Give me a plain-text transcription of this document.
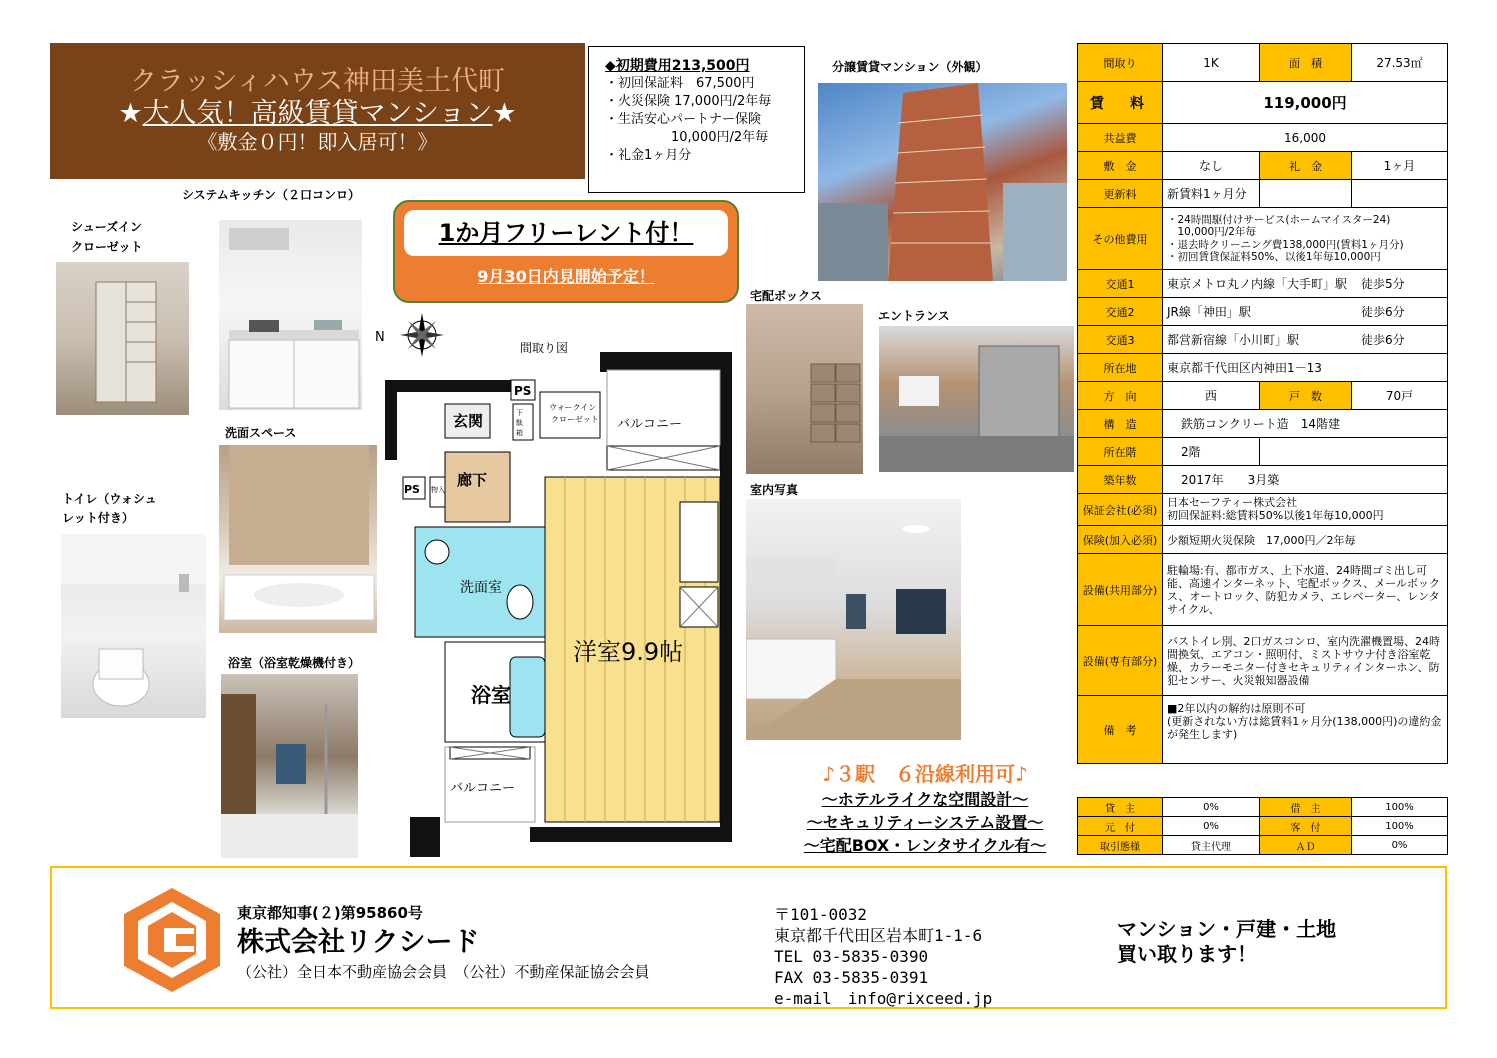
クラッシィハウス神田美土代町
★大人気！高級賃貸マンション★
《敷金０円！即入居可！》
◆初期費用213,500円
・初回保証料　67,500円
・火災保険 17,000円/2年毎
・生活安心パートナー保険
10,000円/2年毎
・礼金1ヶ月分
システムキッチン（２口コンロ）
シューズイン
クローゼット
洗面スペース
トイレ（ウォシュ
レット付き）
浴室（浴室乾燥機付き）
1か月フリーレント付！
9月30日内見開始予定！
N
間取り図
PS
ウォークイン
クローゼット
玄関	下
駄
箱
バルコニー
廊下
PS 物入
洗面室
浴室
洋室9.9帖
バルコニー
分譲賃貸マンション（外観）
宅配ボックス
エントランス
室内写真
♪３駅　６沿線利用可♪
～ホテルライクな空間設計～
～セキュリティーシステム設置～
～宅配BOX・レンタサイクル有～
間取り	1K	面　積	27.53㎡
賃　料	119,000円		
共益費	16,000		
敷　金	なし	礼　金	1ヶ月
更新料	新賃料1ヶ月分		
その他費用	・24時間駆付けサービス(ホームマイスター24)
　10,000円/2年毎
・退去時クリーニング費138,000円(賃料1ヶ月分)
・初回賃貸保証料50%、以後1年毎10,000円		
交通1	東京メトロ丸ノ内線「大手町」駅 徒歩5分		

交通2	JR線「神田」駅 徒歩6分		

交通3	都営新宿線「小川町」駅 徒歩6分		

所在地	東京都千代田区内神田1－13		
方　向	西	戸　数	70戸
構　造	鉄筋コンクリート造　14階建		
所在階	2階		
築年数	2017年　　 3月築		
保証会社(必須)	日本セーフティー株式会社
初回保証料:総賃料50%以後1年毎10,000円		
保険(加入必須)	少額短期火災保険　17,000円／2年毎		
設備(共用部分)	駐輪場:有、都市ガス、上下水道、24時間ゴミ出し可能、高速インターネット、宅配ボックス、メールボックス、オートロック、防犯カメラ、エレベーター、レンタサイクル、		
設備(専有部分)	バストイレ別、2口ガスコンロ、室内洗濯機置場、24時間換気、エアコン・照明付、ミストサウナ付き浴室乾燥、カラーモニター付きセキュリティインターホン、防犯センサー、火災報知器設備		
備　考	■2年以内の解約は原則不可
(更新されない方は総賃料1ヶ月分(138,000円)の違約金が発生します)		
貸　主	0%	借　主	100%
元　付	0%	客　付	100%
取引態様	貸主代理	ＡＤ	0%
東京都知事(２)第95860号
株式会社リクシード
（公社）全日本不動産協会会員　（公社）不動産保証協会会員
〒101-0032
東京都千代田区岩本町1-1-6
TEL 03-5835-0390
FAX 03-5835-0391
e-mail　info@rixceed.jp
マンション・戸建・土地
買い取ります！
